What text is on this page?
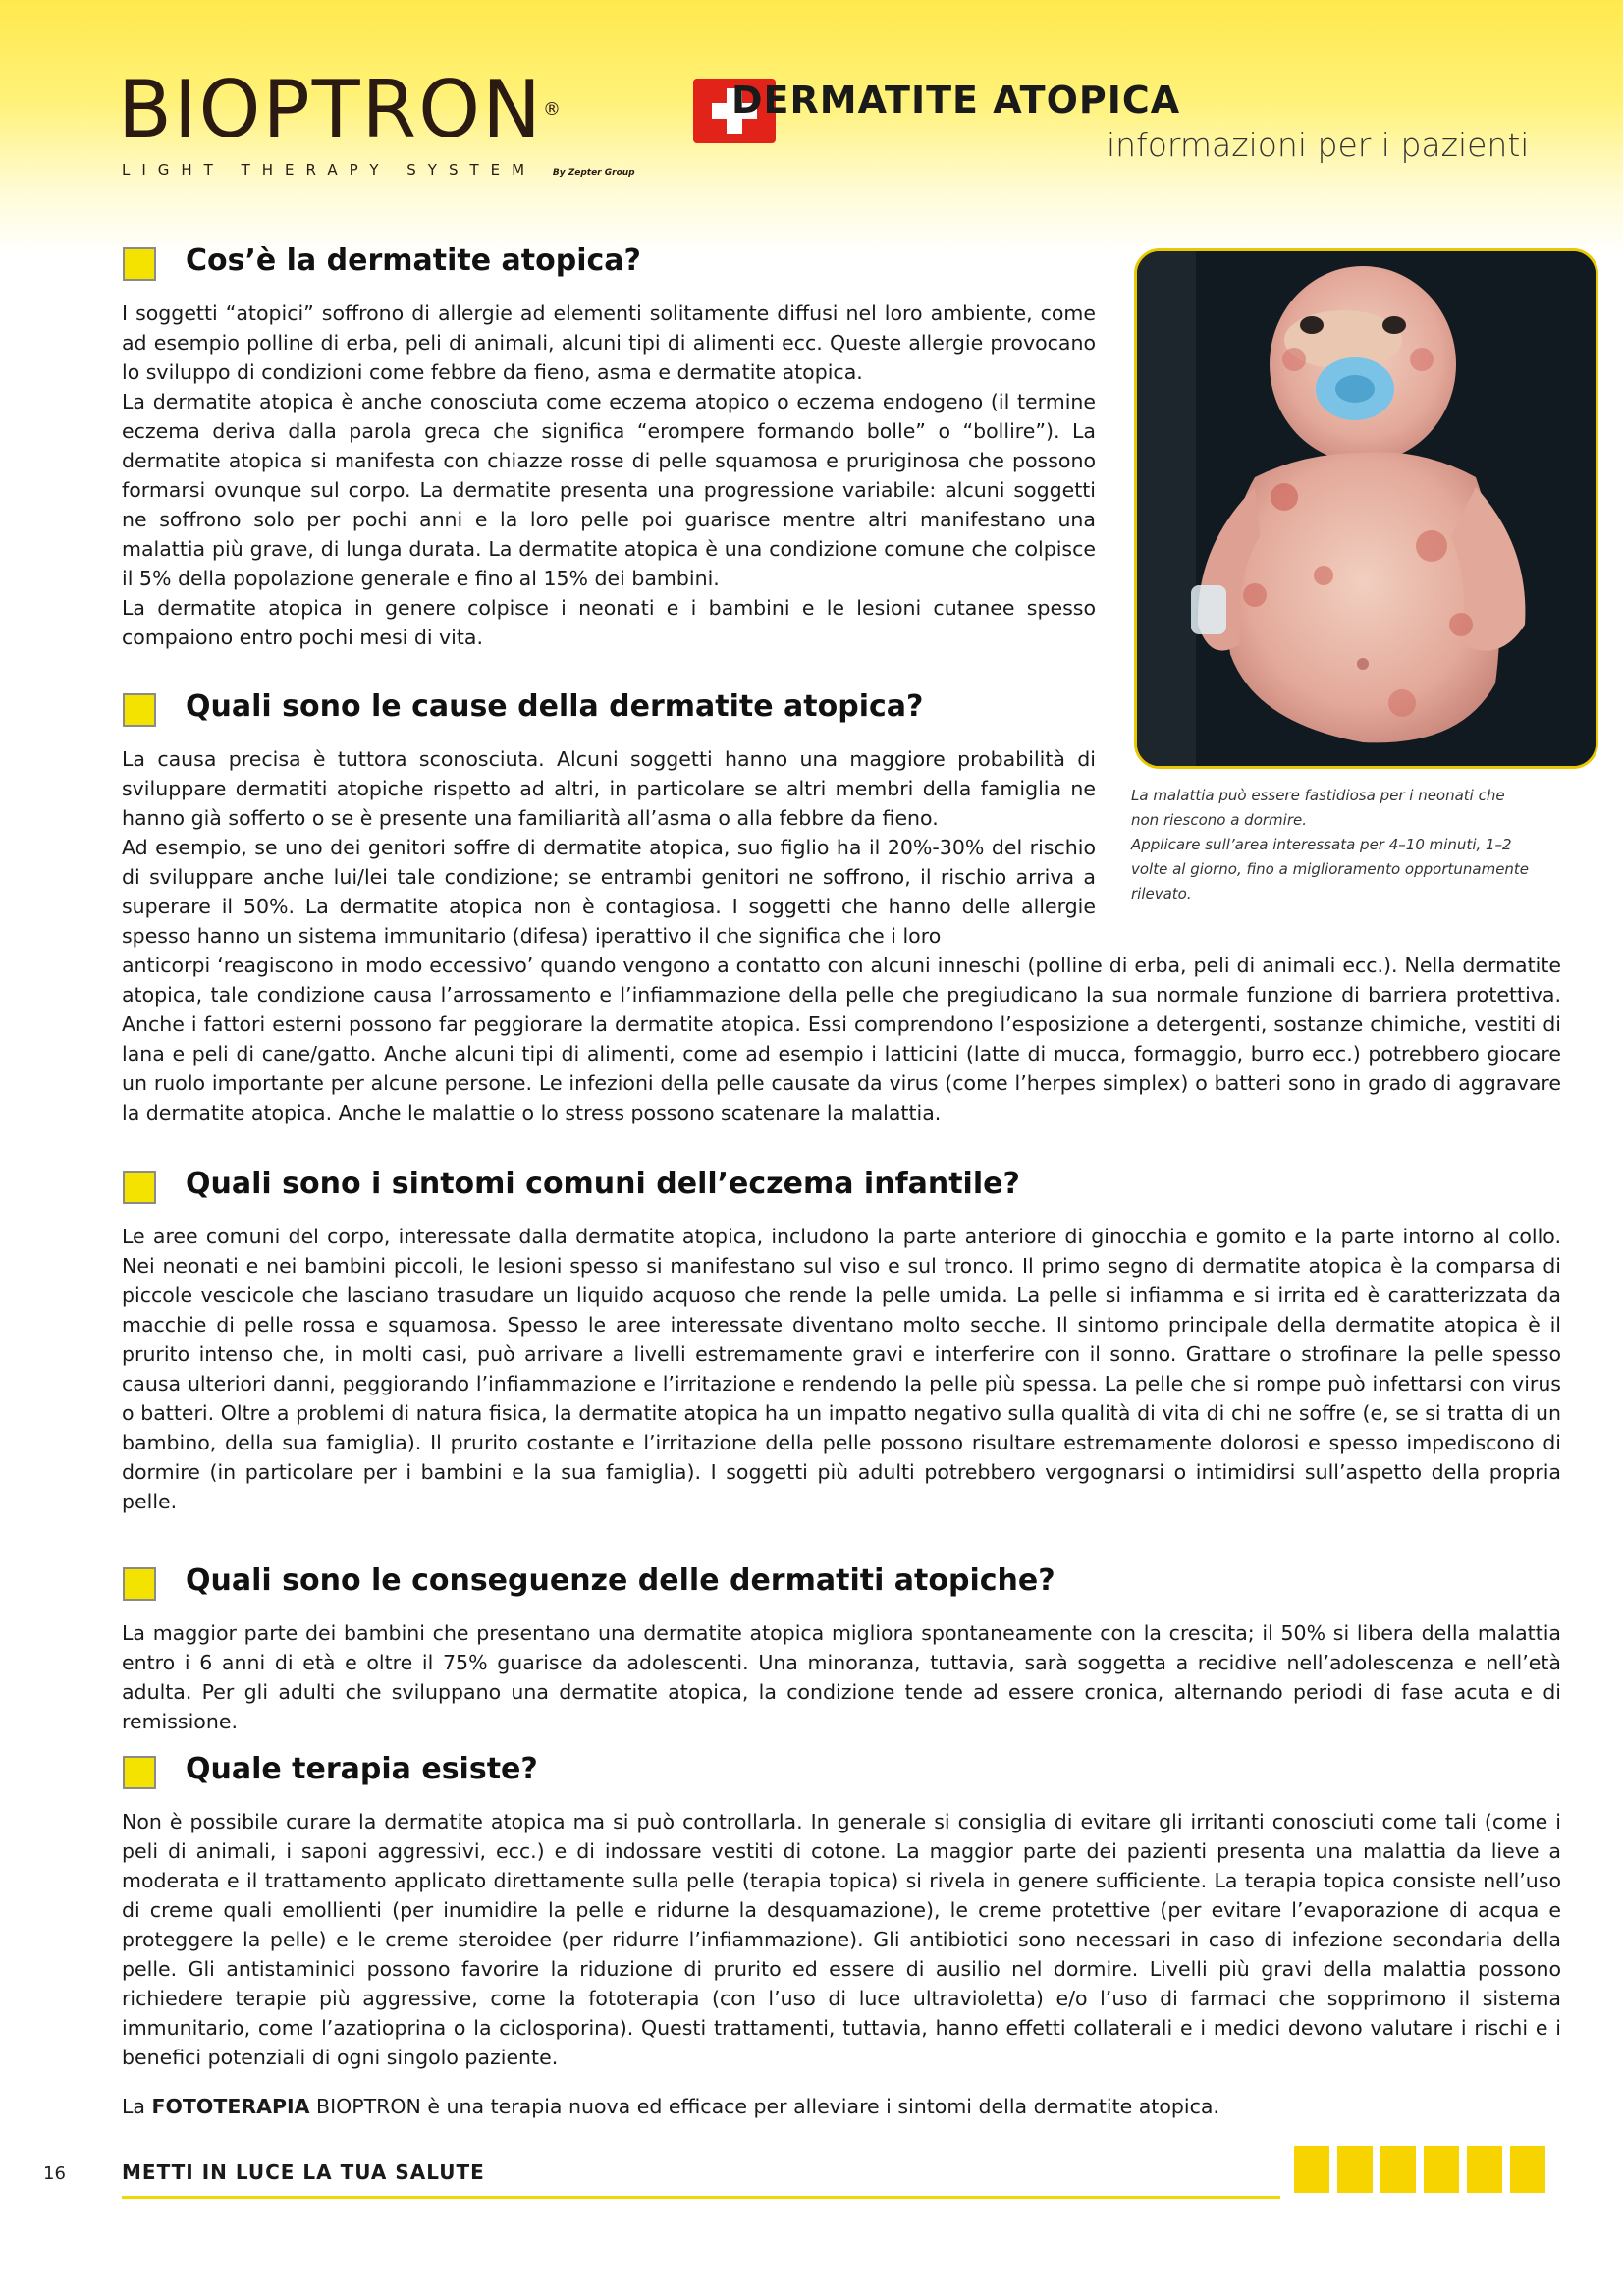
BIOPTRON®
LIGHT THERAPY SYSTEM By Zepter Group
DERMATITE ATOPICA
informazioni per i pazienti
Cos’è la dermatite atopica?

I soggetti “atopici” soffrono di allergie ad elementi solitamente diffusi nel loro ambiente, come ad esempio polline di erba, peli di animali, alcuni tipi di alimenti ecc. Queste allergie provocano lo sviluppo di condizioni come febbre da fieno, asma e dermatite atopica.

La dermatite atopica è anche conosciuta come eczema atopico o eczema endogeno (il termine eczema deriva dalla parola greca che significa “erompere formando bolle” o “bollire”). La dermatite atopica si manifesta con chiazze rosse di pelle squamosa e pruriginosa che possono formarsi ovunque sul corpo. La dermatite presenta una progressione variabile: alcuni soggetti ne soffrono solo per pochi anni e la loro pelle poi guarisce mentre altri manifestano una malattia più grave, di lunga durata. La dermatite atopica è una condizione comune che colpisce il 5% della popolazione generale e fino al 15% dei bambini.

La dermatite atopica in genere colpisce i neonati e i bambini e le lesioni cutanee spesso compaiono entro pochi mesi di vita.

Quali sono le cause della dermatite atopica?

La causa precisa è tuttora sconosciuta. Alcuni soggetti hanno una maggiore probabilità di sviluppare dermatiti atopiche rispetto ad altri, in particolare se altri membri della famiglia ne hanno già sofferto o se è presente una familiarità all’asma o alla febbre da fieno.

Ad esempio, se uno dei genitori soffre di dermatite atopica, suo figlio ha il 20%-30% del rischio di sviluppare anche lui/lei tale condizione; se entrambi genitori ne soffrono, il rischio arriva a superare il 50%. La dermatite atopica non è contagiosa. I soggetti che hanno delle allergie spesso hanno un sistema immunitario (difesa) iperattivo il che significa che i loro

anticorpi ‘reagiscono in modo eccessivo’ quando vengono a contatto con alcuni inneschi (polline di erba, peli di animali ecc.). Nella dermatite atopica, tale condizione causa l’arrossamento e l’infiammazione della pelle che pregiudicano la sua normale funzione di barriera protettiva. Anche i fattori esterni possono far peggiorare la dermatite atopica. Essi comprendono l’esposizione a detergenti, sostanze chimiche, vestiti di lana e peli di cane/gatto. Anche alcuni tipi di alimenti, come ad esempio i latticini (latte di mucca, formaggio, burro ecc.) potrebbero giocare un ruolo importante per alcune persone. Le infezioni della pelle causate da virus (come l’herpes simplex) o batteri sono in grado di aggravare la dermatite atopica. Anche le malattie o lo stress possono scatenare la malattia.

La malattia può essere fastidiosa per i neonati che non riescono a dormire.
Applicare sull’area interessata per 4–10 minuti, 1–2 volte al giorno, fino a miglioramento opportunamente rilevato.

Quali sono i sintomi comuni dell’eczema infantile?

Le aree comuni del corpo, interessate dalla dermatite atopica, includono la parte anteriore di ginocchia e gomito e la parte intorno al collo. Nei neonati e nei bambini piccoli, le lesioni spesso si manifestano sul viso e sul tronco. Il primo segno di dermatite atopica è la comparsa di piccole vescicole che lasciano trasudare un liquido acquoso che rende la pelle umida. La pelle si infiamma e si irrita ed è caratterizzata da macchie di pelle rossa e squamosa. Spesso le aree interessate diventano molto secche. Il sintomo principale della dermatite atopica è il prurito intenso che, in molti casi, può arrivare a livelli estremamente gravi e interferire con il sonno. Grattare o strofinare la pelle spesso causa ulteriori danni, peggiorando l’infiammazione e l’irritazione e rendendo la pelle più spessa. La pelle che si rompe può infettarsi con virus o batteri. Oltre a problemi di natura fisica, la dermatite atopica ha un impatto negativo sulla qualità di vita di chi ne soffre (e, se si tratta di un bambino, della sua famiglia). Il prurito costante e l’irritazione della pelle possono risultare estremamente dolorosi e spesso impediscono di dormire (in particolare per i bambini e la sua famiglia). I soggetti più adulti potrebbero vergognarsi o intimidirsi sull’aspetto della propria pelle.

Quali sono le conseguenze delle dermatiti atopiche?

La maggior parte dei bambini che presentano una dermatite atopica migliora spontaneamente con la crescita; il 50% si libera della malattia entro i 6 anni di età e oltre il 75% guarisce da adolescenti. Una minoranza, tuttavia, sarà soggetta a recidive nell’adolescenza e nell’età adulta. Per gli adulti che sviluppano una dermatite atopica, la condizione tende ad essere cronica, alternando periodi di fase acuta e di remissione.

Quale terapia esiste?

Non è possibile curare la dermatite atopica ma si può controllarla. In generale si consiglia di evitare gli irritanti conosciuti come tali (come i peli di animali, i saponi aggressivi, ecc.) e di indossare vestiti di cotone. La maggior parte dei pazienti presenta una malattia da lieve a moderata e il trattamento applicato direttamente sulla pelle (terapia topica) si rivela in genere sufficiente. La terapia topica consiste nell’uso di creme quali emollienti (per inumidire la pelle e ridurne la desquamazione), le creme protettive (per evitare l’evaporazione di acqua e proteggere la pelle) e le creme steroidee (per ridurre l’infiammazione). Gli antibiotici sono necessari in caso di infezione secondaria della pelle. Gli antistaminici possono favorire la riduzione di prurito ed essere di ausilio nel dormire. Livelli più gravi della malattia possono richiedere terapie più aggressive, come la fototerapia (con l’uso di luce ultravioletta) e/o l’uso di farmaci che sopprimono il sistema immunitario, come l’azatioprina o la ciclosporina). Questi trattamenti, tuttavia, hanno effetti collaterali e i medici devono valutare i rischi e i benefici potenziali di ogni singolo paziente.

La FOTOTERAPIA BIOPTRON è una terapia nuova ed efficace per alleviare i sintomi della dermatite atopica.

16	METTI IN LUCE LA TUA SALUTE
